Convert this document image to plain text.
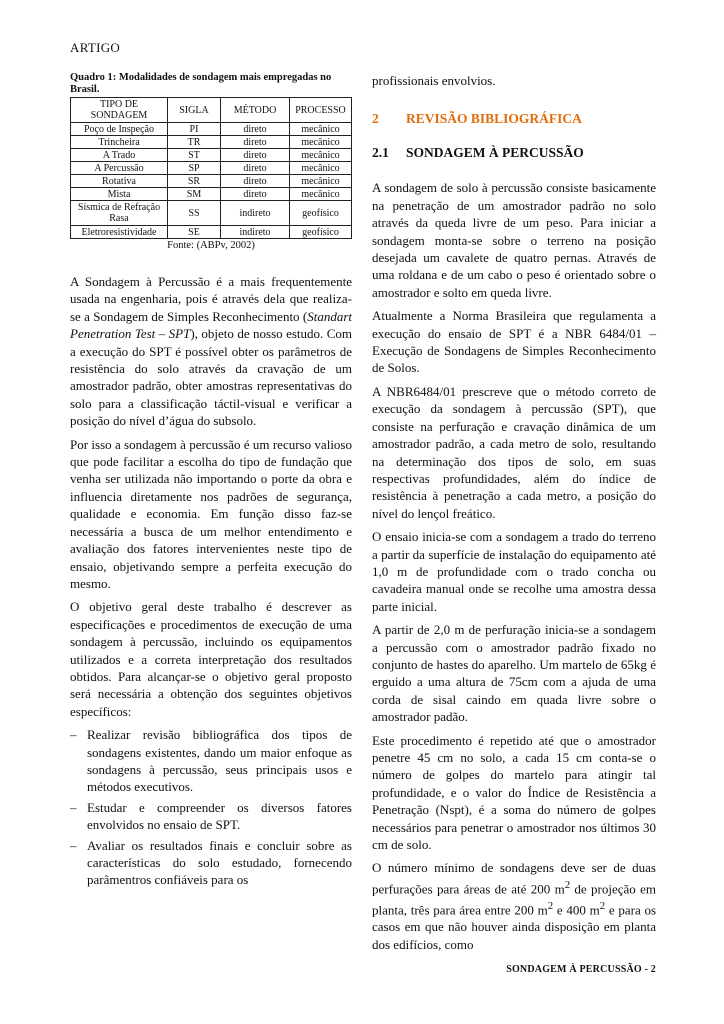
ARTIGO
Quadro 1: Modalidades de sondagem mais empregadas no Brasil.
TIPO DE SONDAGEM	SIGLA	MÉTODO	PROCESSO
Poço de Inspeção	PI	direto	mecânico
Trincheira	TR	direto	mecânico
A Trado	ST	direto	mecânico
A Percussão	SP	direto	mecânico
Rotativa	SR	direto	mecânico
Mista	SM	direto	mecânico
Sísmica de Refração Rasa	SS	indireto	geofísico
Eletroresistividade	SE	indireto	geofísico
Fonte: (ABPv, 2002)

A Sondagem à Percussão é a mais frequentemente usada na engenharia, pois é através dela que realiza-se a Sondagem de Simples Reconhecimento (Standart Penetration Test – SPT), objeto de nosso estudo. Com a execução do SPT é possível obter os parâmetros de resistência do solo através da cravação de um amostrador padrão, obter amostras representativas do solo para a classificação táctil-visual e verificar a posição do nível d’água do subsolo.

Por isso a sondagem à percussão é um recurso valioso que pode facilitar a escolha do tipo de fundação que venha ser utilizada não importando o porte da obra e influencia diretamente nos padrões de segurança, qualidade e economia. Em função disso faz-se necessária a busca de um melhor entendimento e avaliação dos fatores intervenientes neste tipo de ensaio, objetivando sempre a perfeita execução do mesmo.

O objetivo geral deste trabalho é descrever as especificações e procedimentos de execução de uma sondagem à percussão, incluindo os equipamentos utilizados e a correta interpretação dos resultados obtidos. Para alcançar-se o objetivo geral proposto será necessária a obtenção dos seguintes objetivos específicos:

– Realizar revisão bibliográfica dos tipos de sondagens existentes, dando um maior enfoque as sondagens à percussão, seus principais usos e métodos executivos.
– Estudar e compreender os diversos fatores envolvidos no ensaio de SPT.
– Avaliar os resultados finais e concluir sobre as características do solo estudado, fornecendo parâmentros confiáveis para os

profissionais envolvios.

2	REVISÃO BIBLIOGRÁFICA
2.1	SONDAGEM À PERCUSSÃO

A sondagem de solo à percussão consiste basicamente na penetração de um amostrador padrão no solo através da queda livre de um peso. Para iniciar a sondagem monta-se sobre o terreno na posição desejada um cavalete de quatro pernas. Através de uma roldana e de um cabo o peso é orientado sobre o amostrador e solto em queda livre.

Atualmente a Norma Brasileira que regulamenta a execução do ensaio de SPT é a NBR 6484/01 – Execução de Sondagens de Simples Reconhecimento de Solos.

A NBR6484/01 prescreve que o método correto de execução da sondagem à percussão (SPT), que consiste na perfuração e cravação dinâmica de um amostrador padrão, a cada metro de solo, resultando na determinação dos tipos de solo, em suas respectivas profundidades, além do índice de resistência à penetração a cada metro, a posição do nível do lençol freático.

O ensaio inicia-se com a sondagem a trado do terreno a partir da superfície de instalação do equipamento até 1,0 m de profundidade com o trado concha ou cavadeira manual onde se recolhe uma amostra dessa parte inicial.

A partir de 2,0 m de perfuração inicia-se a sondagem a percussão com o amostrador padrão fixado no conjunto de hastes do aparelho. Um martelo de 65kg é erguido a uma altura de 75cm com a ajuda de uma corda de sisal caindo em quada livre sobre o amostrador padão.

Este procedimento é repetido até que o amostrador penetre 45 cm no solo, a cada 15 cm conta-se o número de golpes do martelo para atingir tal profundidade, e o valor do Índice de Resistência a Penetração (Nspt), é a soma do número de golpes necessários para penetrar o amostrador nos últimos 30 cm de solo.

O número mínimo de sondagens deve ser de duas perfurações para áreas de até 200 $m^2$ de projeção em planta, três para área entre 200 $m^2$ e 400 $m^2$ e para os casos em que não houver ainda disposição em planta dos edifícios, como

SONDAGEM À PERCUSSÃO - 2
